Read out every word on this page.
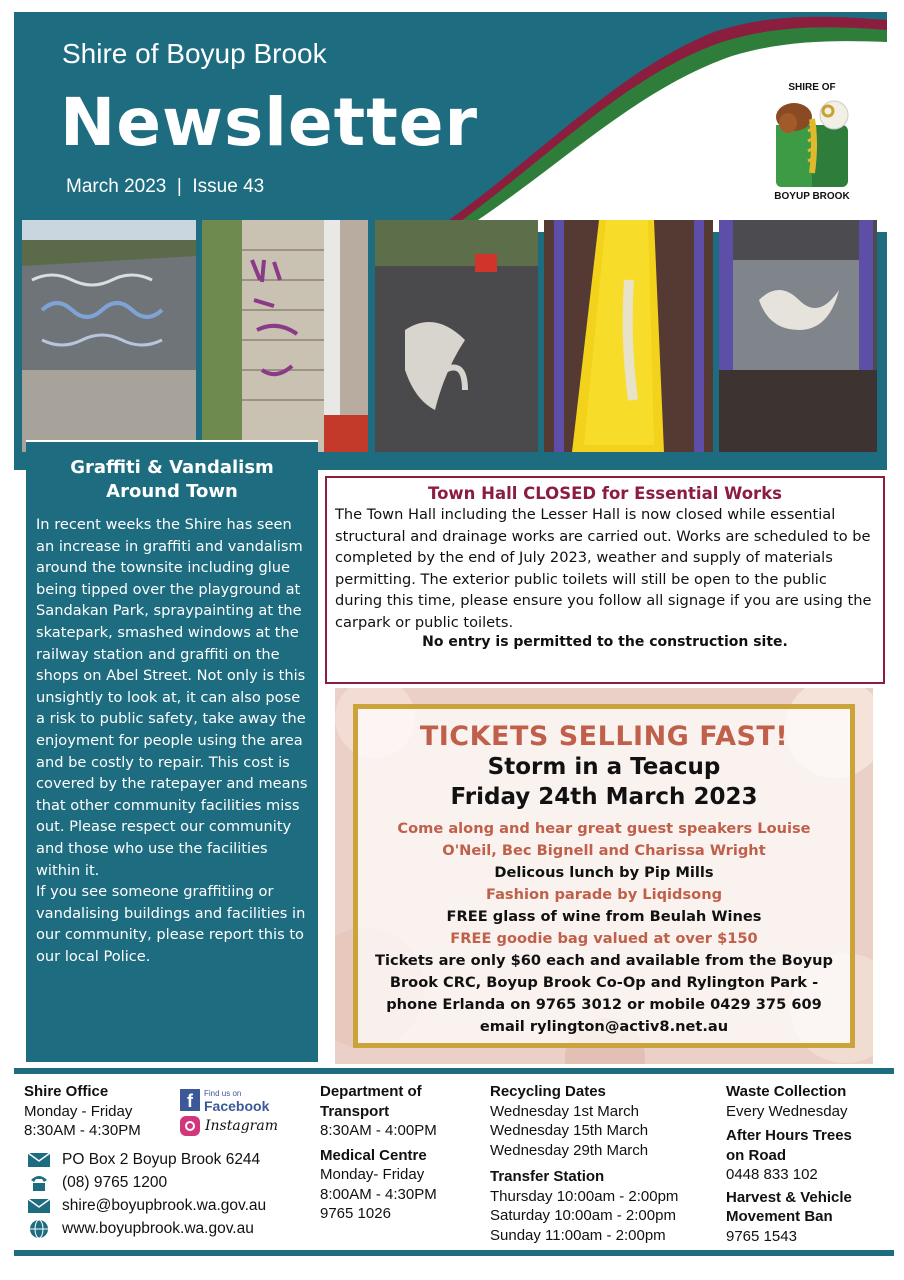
Shire of Boyup Brook
Newsletter
March 2023  |  Issue 43
SHIRE OF
BOYUP BROOK
Graffiti & Vandalism
Around Town

In recent weeks the Shire has seen an increase in graffiti and vandalism around the townsite including glue being tipped over the playground at Sandakan Park, spraypainting at the skatepark, smashed windows at the railway station and graffiti on the shops on Abel Street. Not only is this unsightly to look at, it can also pose a risk to public safety, take away the enjoyment for people using the area and be costly to repair. This cost is covered by the ratepayer and means that other community facilities miss out. Please respect our community and those who use the facilities within it.
If you see someone graffitiing or vandalising buildings and facilities in our community, please report this to our local Police.

Town Hall CLOSED for Essential Works
The Town Hall including the Lesser Hall is now closed while essential structural and drainage works are carried out. Works are scheduled to be completed by the end of July 2023, weather and supply of materials permitting. The exterior public toilets will still be open to the public during this time, please ensure you follow all signage if you are using the carpark or public toilets.
No entry is permitted to the construction site.
TICKETS SELLING FAST!
Storm in a Teacup
Friday 24th March 2023
Come along and hear great guest speakers Louise O'Neil, Bec Bignell and Charissa Wright
Delicous lunch by Pip Mills
Fashion parade by Liqidsong
FREE glass of wine from Beulah Wines
FREE goodie bag valued at over $150
Tickets are only $60 each and available from the Boyup Brook CRC, Boyup Brook Co-Op and Rylington Park - phone Erlanda on 9765 3012 or mobile 0429 375 609 email rylington@activ8.net.au
Shire Office
Monday - Friday
8:30AM - 4:30PM
f	Find us on
Facebook
Instagram
PO Box 2 Boyup Brook 6244
(08) 9765 1200
shire@boyupbrook.wa.gov.au
www.boyupbrook.wa.gov.au
Department of Transport
8:30AM - 4:00PM
Medical Centre
Monday- Friday
8:00AM - 4:30PM
9765 1026
Recycling Dates
Wednesday 1st March
Wednesday 15th March
Wednesday 29th March
Transfer Station
Thursday 10:00am - 2:00pm
Saturday 10:00am - 2:00pm
Sunday 11:00am - 2:00pm
Waste Collection
Every Wednesday
After Hours Trees on Road
0448 833 102
Harvest & Vehicle Movement Ban
9765 1543
